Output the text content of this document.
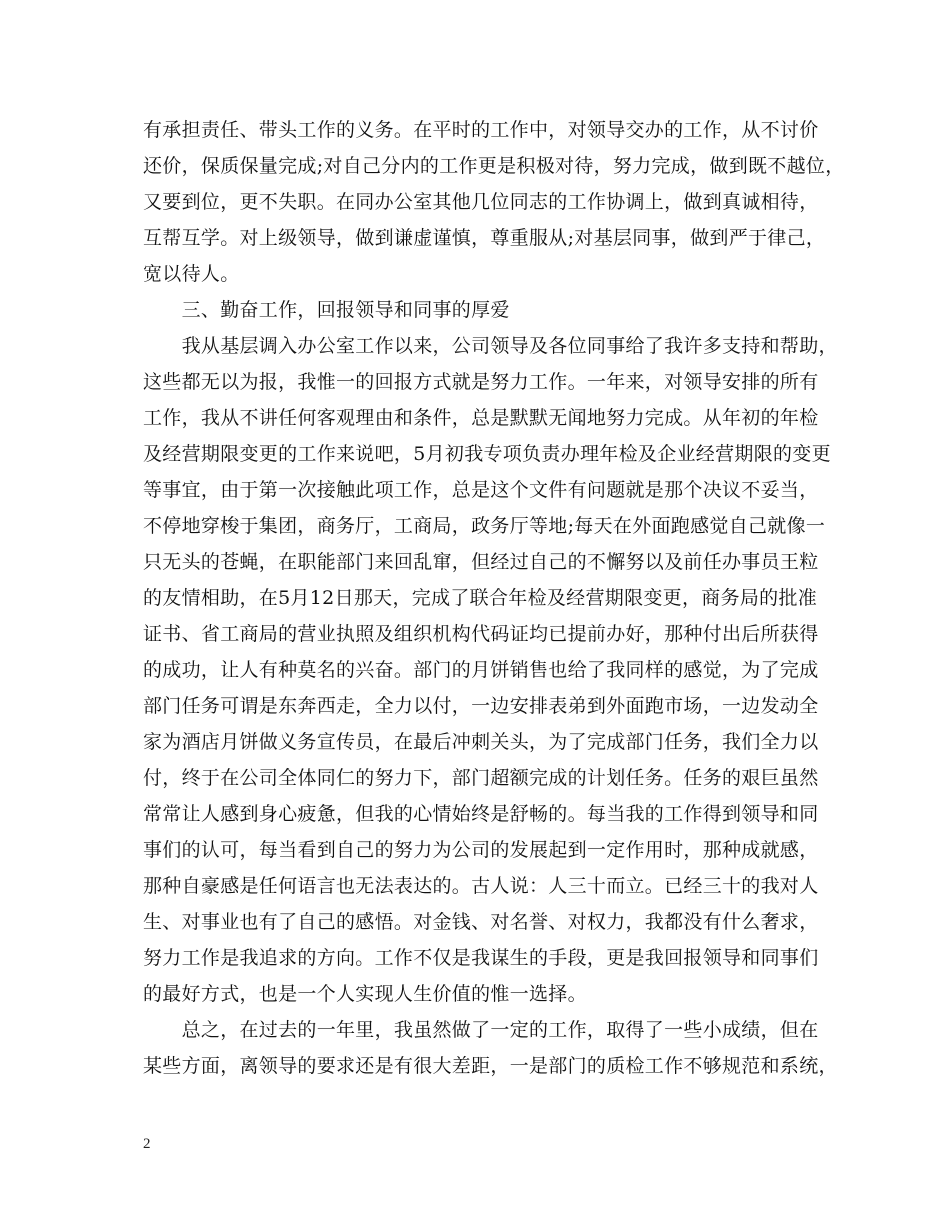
有承担责任、带头工作的义务。在平时的工作中，对领导交办的工作，从不讨价
还价，保质保量完成;对自己分内的工作更是积极对待，努力完成，做到既不越位，
又要到位，更不失职。在同办公室其他几位同志的工作协调上，做到真诚相待，
互帮互学。对上级领导，做到谦虚谨慎，尊重服从;对基层同事，做到严于律己，
宽以待人。
　　三、勤奋工作，回报领导和同事的厚爱
　　我从基层调入办公室工作以来，公司领导及各位同事给了我许多支持和帮助，
这些都无以为报，我惟一的回报方式就是努力工作。一年来，对领导安排的所有
工作，我从不讲任何客观理由和条件，总是默默无闻地努力完成。从年初的年检
及经营期限变更的工作来说吧，5月初我专项负责办理年检及企业经营期限的变更
等事宜，由于第一次接触此项工作，总是这个文件有问题就是那个决议不妥当，
不停地穿梭于集团，商务厅，工商局，政务厅等地;每天在外面跑感觉自己就像一
只无头的苍蝇，在职能部门来回乱窜，但经过自己的不懈努以及前任办事员王粒
的友情相助，在5月12日那天，完成了联合年检及经营期限变更，商务局的批准
证书、省工商局的营业执照及组织机构代码证均已提前办好，那种付出后所获得
的成功，让人有种莫名的兴奋。部门的月饼销售也给了我同样的感觉，为了完成
部门任务可谓是东奔西走，全力以付，一边安排表弟到外面跑市场，一边发动全
家为酒店月饼做义务宣传员，在最后冲刺关头，为了完成部门任务，我们全力以
付，终于在公司全体同仁的努力下，部门超额完成的计划任务。任务的艰巨虽然
常常让人感到身心疲惫，但我的心情始终是舒畅的。每当我的工作得到领导和同
事们的认可，每当看到自己的努力为公司的发展起到一定作用时，那种成就感，
那种自豪感是任何语言也无法表达的。古人说：人三十而立。已经三十的我对人
生、对事业也有了自己的感悟。对金钱、对名誉、对权力，我都没有什么奢求，
努力工作是我追求的方向。工作不仅是我谋生的手段，更是我回报领导和同事们
的最好方式，也是一个人实现人生价值的惟一选择。
　　总之，在过去的一年里，我虽然做了一定的工作，取得了一些小成绩，但在
某些方面，离领导的要求还是有很大差距，一是部门的质检工作不够规范和系统，
2
